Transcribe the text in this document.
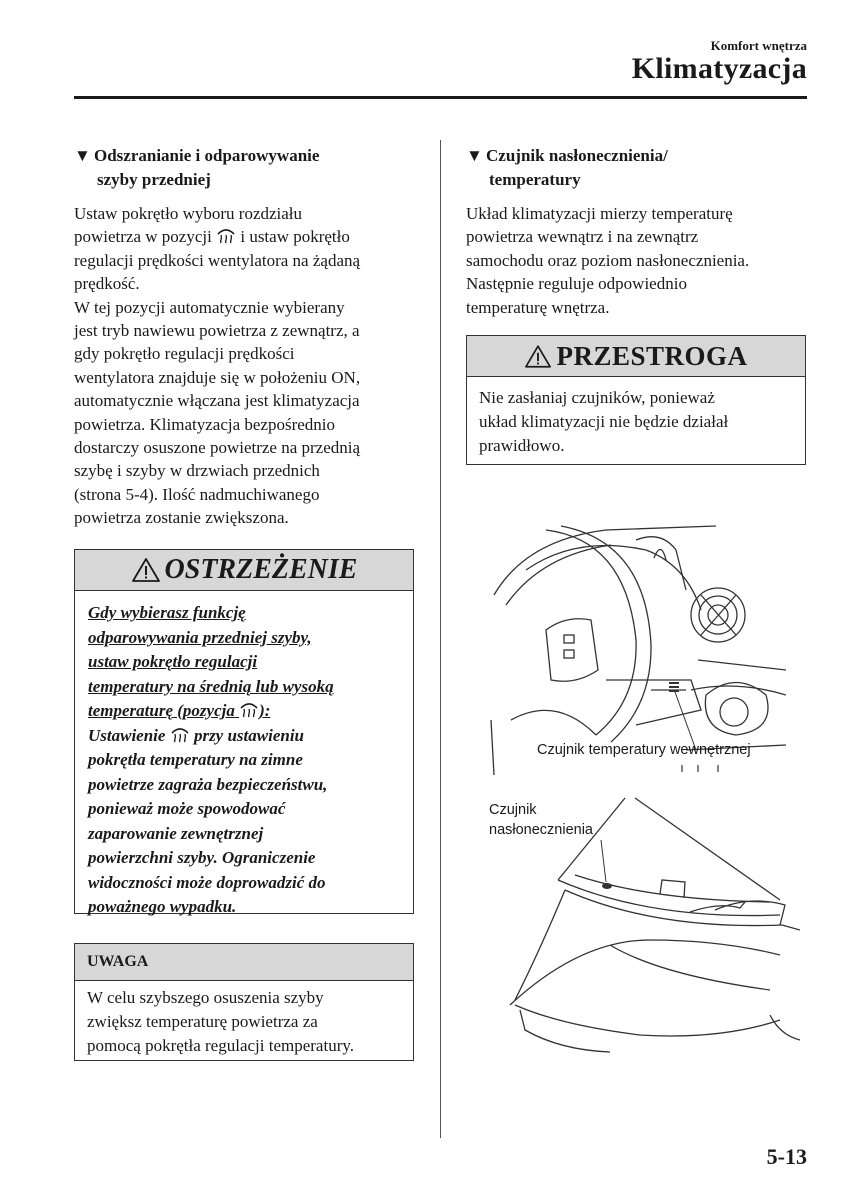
Komfort wnętrza
Klimatyzacja
▼ Odszranianie i odparowywanie
szyby przedniej
Ustaw pokrętło wyboru rozdziału
powietrza w pozycji i ustaw pokrętło
regulacji prędkości wentylatora na żądaną
prędkość.
W tej pozycji automatycznie wybierany
jest tryb nawiewu powietrza z zewnątrz, a
gdy pokrętło regulacji prędkości
wentylatora znajduje się w położeniu ON,
automatycznie włączana jest klimatyzacja
powietrza. Klimatyzacja bezpośrednio
dostarczy osuszone powietrze na przednią
szybę i szyby w drzwiach przednich
(strona 5-4). Ilość nadmuchiwanego
powietrza zostanie zwiększona.
OSTRZEŻENIE
Gdy wybierasz funkcję
odparowywania przedniej szyby,
ustaw pokrętło regulacji
temperatury na średnią lub wysoką
temperaturę (pozycja ):
Ustawienie przy ustawieniu
pokrętła temperatury na zimne
powietrze zagraża bezpieczeństwu,
ponieważ może spowodować
zaparowanie zewnętrznej
powierzchni szyby. Ograniczenie
widoczności może doprowadzić do
poważnego wypadku.
UWAGA
W celu szybszego osuszenia szyby
zwiększ temperaturę powietrza za
pomocą pokrętła regulacji temperatury.
▼ Czujnik nasłonecznienia/
temperatury
Układ klimatyzacji mierzy temperaturę
powietrza wewnątrz i na zewnątrz
samochodu oraz poziom nasłonecznienia.
Następnie reguluje odpowiednio
temperaturę wnętrza.
PRZESTROGA
Nie zasłaniaj czujników, ponieważ
układ klimatyzacji nie będzie działał
prawidłowo.
Czujnik temperatury wewnętrznej
Czujnik
nasłonecznienia
5-13
